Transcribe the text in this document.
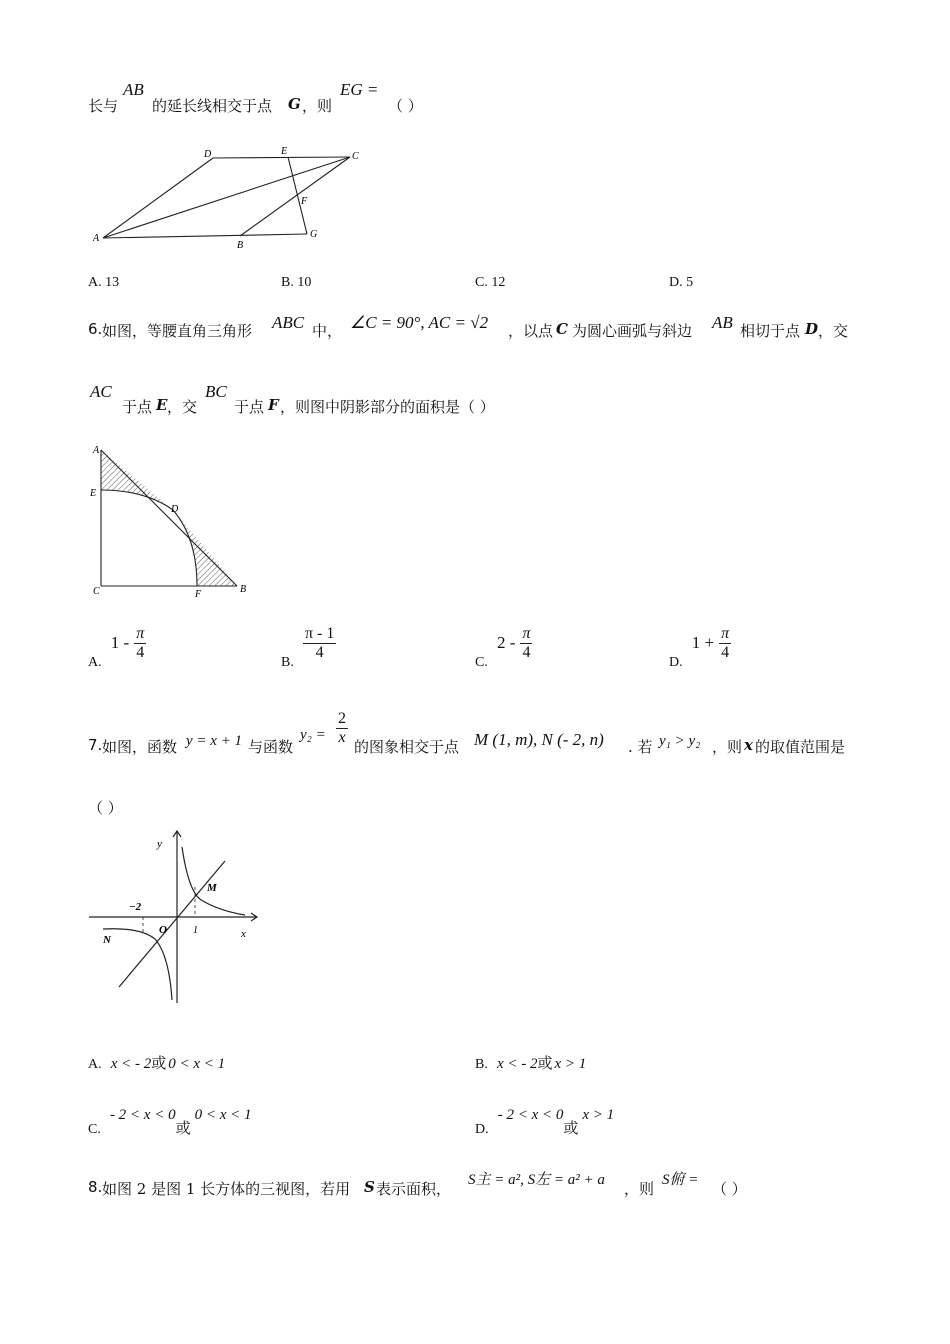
长与
AB
的延长线相交于点 G ，则
EG =
（ ）
A
D	E	C
F
B
G
A. 13	B. 10	C. 12	D. 5
6. 如图，等腰直角三角形 ABC 中， ∠C = 90°, AC = √2 ，以点 C 为圆心画弧与斜边 AB 相切于点 D ，交
AC
于点 E ，交
BC
于点 F ，则图中阴影部分的面积是（ ）
A
E
D
C	F	B
A. $1 - \frac{\pi}{4}$
B.
$\frac{\pi - 1}{4}$
C. $2 - \frac{\pi}{4}$
D. $1 + \frac{\pi}{4}$
7. 如图，函数 y = x + 1 与函数
$y_2 = \frac{2}{x}$ 的图象相交于点 M (1, m), N (- 2, n) . 若 y₁ > y₂ ，则 x 的取值范围是
（ ）
y
x
M
N
O
−2
1
A. x < - 2或 0 < x < 1	B. x < - 2或 x > 1
C. - 2 < x < 0或0 < x < 1
D. - 2 < x < 0或x > 1
8. 如图 2 是图 1 长方体的三视图，若用 S 表示面积， S主 = a², S左 = a² + a ，则 S俯 = （ ）
